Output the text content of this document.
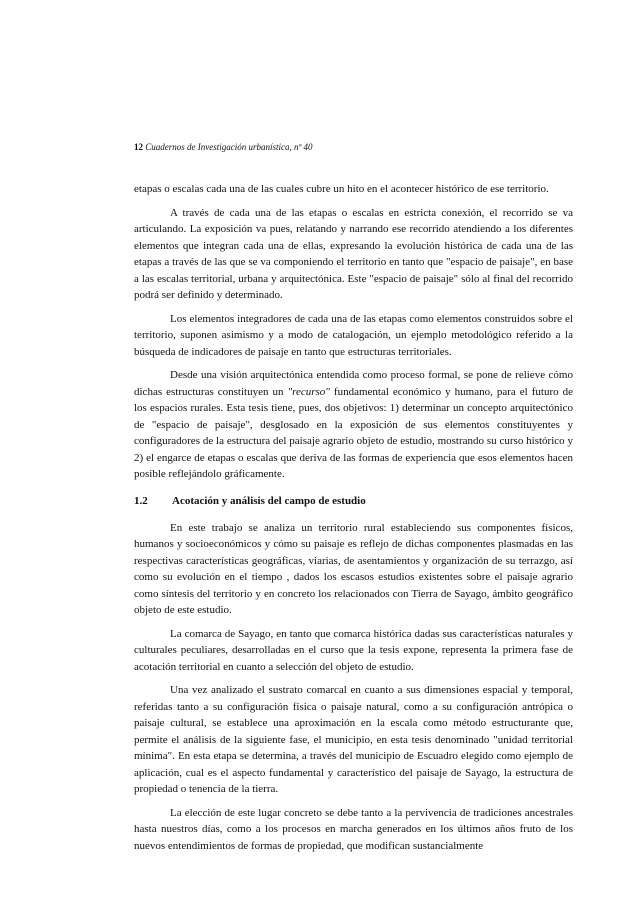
12 Cuadernos de Investigación urbanística, nº 40

etapas o escalas cada una de las cuales cubre un hito en el acontecer histórico de ese territorio.

A través de cada una de las etapas o escalas en estricta conexión, el recorrido se va articulando. La exposición va pues, relatando y narrando ese recorrido atendiendo a los diferentes elementos que integran cada una de ellas, expresando la evolución histórica de cada una de las etapas a través de las que se va componiendo el territorio en tanto que "espacio de paisaje", en base a las escalas territorial, urbana y arquitectónica. Este "espacio de paisaje" sólo al final del recorrido podrá ser definido y determinado.

Los elementos integradores de cada una de las etapas como elementos construidos sobre el territorio, suponen asimismo y a modo de catalogación, un ejemplo metodológico referido a la búsqueda de indicadores de paisaje en tanto que estructuras territoriales.

Desde una visión arquitectónica entendida como proceso formal, se pone de relieve cómo dichas estructuras constituyen un "recurso" fundamental económico y humano, para el futuro de los espacios rurales. Esta tesis tiene, pues, dos objetivos: 1) determinar un concepto arquitectónico de "espacio de paisaje", desglosado en la exposición de sus elementos constituyentes y configuradores de la estructura del paisaje agrario objeto de estudio, mostrando su curso histórico y 2) el engarce de etapas o escalas que deriva de las formas de experiencia que esos elementos hacen posible reflejándolo gráficamente.

1.2	Acotación y análisis del campo de estudio

En este trabajo se analiza un territorio rural estableciendo sus componentes físicos, humanos y socioeconómicos y cómo su paisaje es reflejo de dichas componentes plasmadas en las respectivas características geográficas, viarias, de asentamientos y organización de su terrazgo, así como su evolución en el tiempo , dados los escasos estudios existentes sobre el paisaje agrario como síntesis del territorio y en concreto los relacionados con Tierra de Sayago, ámbito geográfico objeto de este estudio.

La comarca de Sayago, en tanto que comarca histórica dadas sus características naturales y culturales peculiares, desarrolladas en el curso que la tesis expone, representa la primera fase de acotación territorial en cuanto a selección del objeto de estudio.

Una vez analizado el sustrato comarcal en cuanto a sus dimensiones espacial y temporal, referidas tanto a su configuración física o paisaje natural, como a su configuración antrópica o paisaje cultural, se establece una aproximación en la escala como método estructurante que, permite el análisis de la siguiente fase, el municipio, en esta tesis denominado "unidad territorial mínima". En esta etapa se determina, a través del municipio de Escuadro elegido como ejemplo de aplicación, cual es el aspecto fundamental y característico del paisaje de Sayago, la estructura de propiedad o tenencia de la tierra.

La elección de este lugar concreto se debe tanto a la pervivencia de tradiciones ancestrales hasta nuestros días, como a los procesos en marcha generados en los últimos años fruto de los nuevos entendimientos de formas de propiedad, que modifican sustancialmente
